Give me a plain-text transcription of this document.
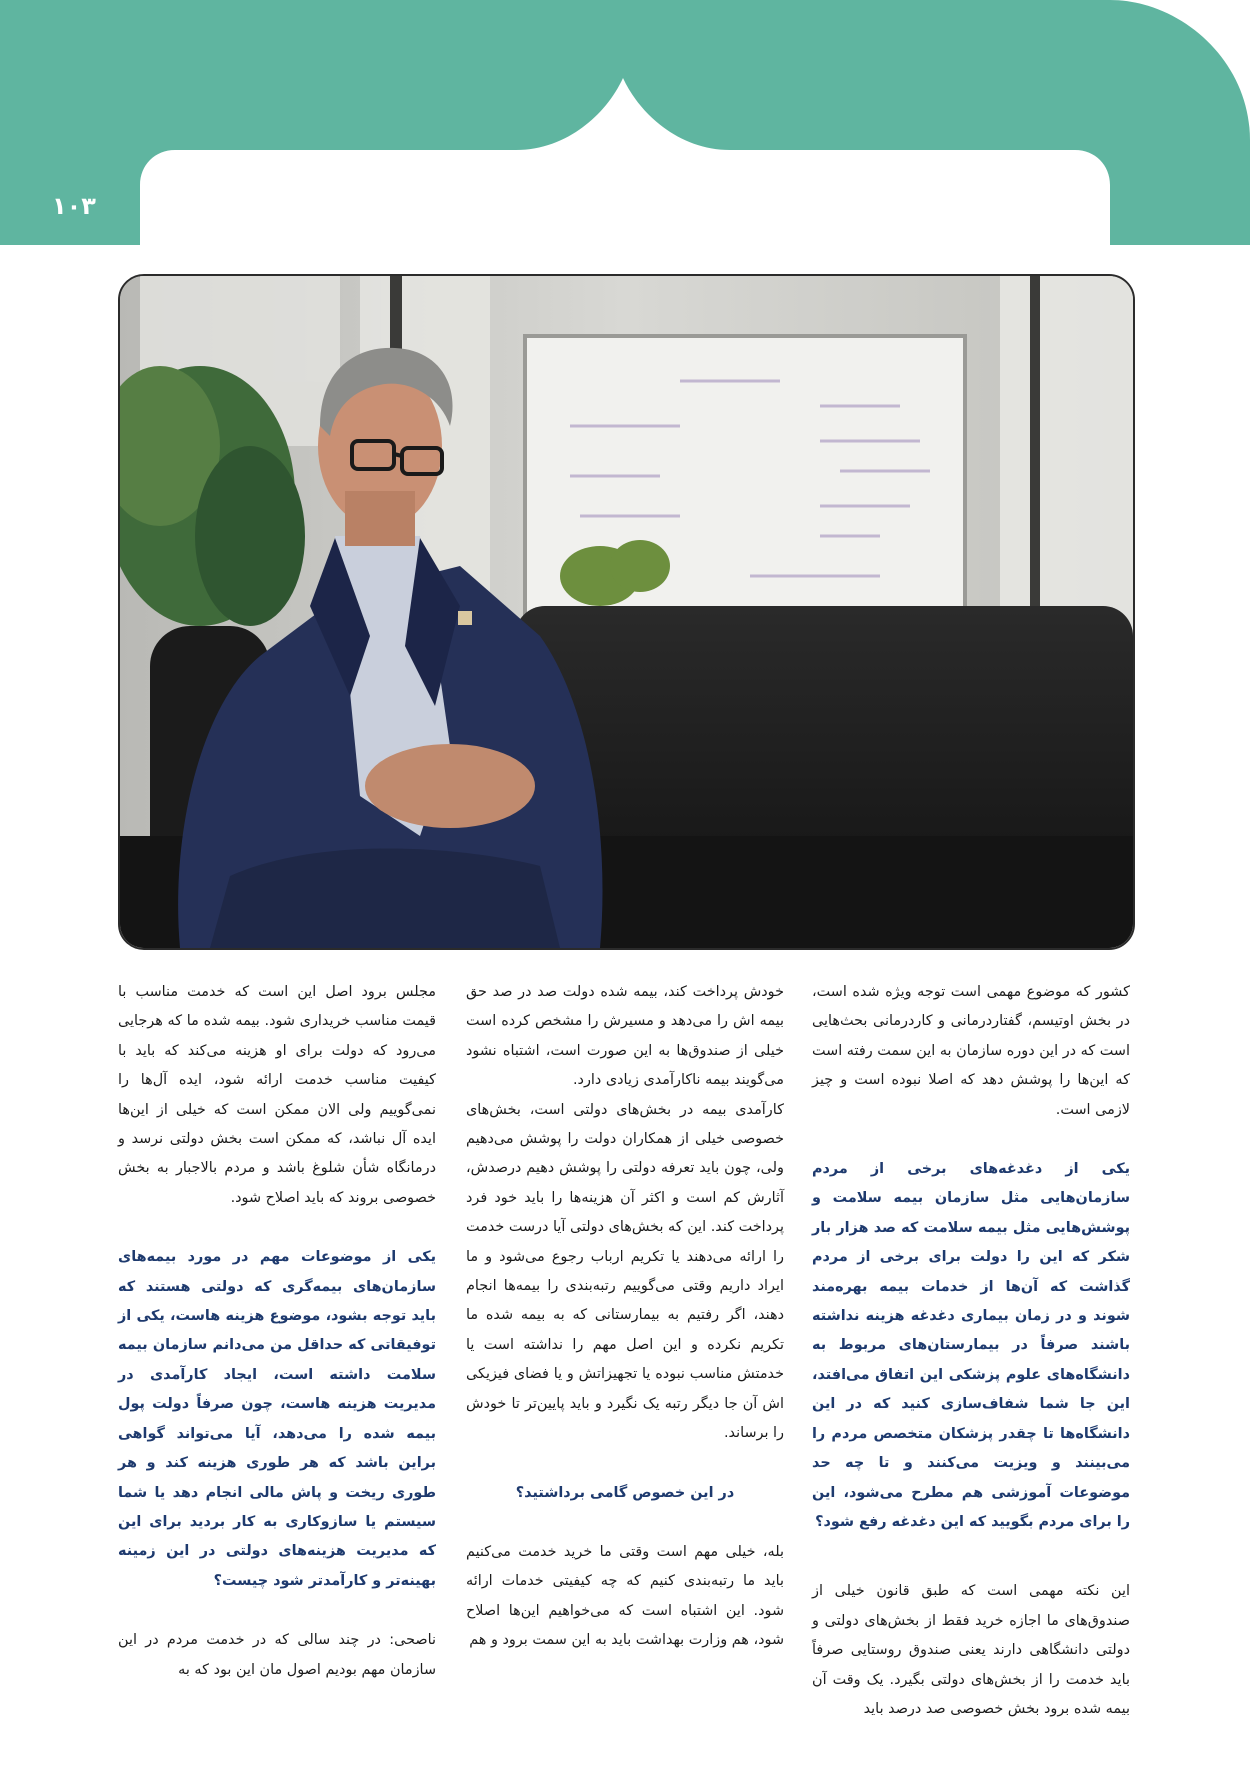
۱۰۳

کشور که موضوع مهمی است توجه ویژه شده است، در بخش اوتیسم، گفتاردرمانی و کاردرمانی بحث‌هایی است که در این دوره سازمان به این سمت رفته است که این‌ها را پوشش دهد که اصلا نبوده است و چیز لازمی است.

یکی از دغدغه‌های برخی از مردم سازمان‌هایی مثل سازمان بیمه سلامت و پوشش‌هایی مثل بیمه سلامت که صد هزار بار شکر که این را دولت برای برخی از مردم گذاشت که آن‌ها از خدمات بیمه بهره‌مند شوند و در زمان بیماری دغدغه هزینه نداشته باشند صرفاً در بیمارستان‌های مربوط به دانشگاه‌های علوم پزشکی این اتفاق می‌افتد، این جا شما شفاف‌سازی کنید که در این دانشگاه‌ها تا چقدر پزشکان متخصص مردم را می‌بینند و ویزیت می‌کنند و تا چه حد موضوعات آموزشی هم مطرح می‌شود، این را برای مردم بگویید که این دغدغه رفع شود؟

این نکته مهمی است که طبق قانون خیلی از صندوق‌های ما اجازه خرید فقط از بخش‌های دولتی و دولتی دانشگاهی دارند یعنی صندوق روستایی صرفاً باید خدمت را از بخش‌های دولتی بگیرد. یک وقت آن بیمه شده برود بخش خصوصی صد درصد باید

خودش پرداخت کند، بیمه شده دولت صد در صد حق بیمه اش را می‌دهد و مسیرش را مشخص کرده است خیلی از صندوق‌ها به این صورت است، اشتباه نشود می‌گویند بیمه ناکارآمدی زیادی دارد.

کارآمدی بیمه در بخش‌های دولتی است، بخش‌های خصوصی خیلی از همکاران دولت را پوشش می‌دهیم ولی، چون باید تعرفه دولتی را پوشش دهیم درصدش، آثارش کم است و اکثر آن هزینه‌ها را باید خود فرد پرداخت کند. این که بخش‌های دولتی آیا درست خدمت را ارائه می‌دهند یا تکریم ارباب رجوع می‌شود و ما ایراد داریم وقتی می‌گوییم رتبه‌بندی را بیمه‌ها انجام دهند، اگر رفتیم به بیمارستانی که به بیمه شده ما تکریم نکرده و این اصل مهم را نداشته است یا خدمتش مناسب نبوده یا تجهیزاتش و یا فضای فیزیکی اش آن جا دیگر رتبه یک نگیرد و باید پایین‌تر تا خودش را برساند.

در این خصوص گامی برداشتید؟

بله، خیلی مهم است وقتی ما خرید خدمت می‌کنیم باید ما رتبه‌بندی کنیم که چه کیفیتی خدمات ارائه شود. این اشتباه است که می‌خواهیم این‌ها اصلاح شود، هم وزارت بهداشت باید به این سمت برود و هم

مجلس برود اصل این است که خدمت مناسب با قیمت مناسب خریداری شود. بیمه شده ما که هرجایی می‌رود که دولت برای او هزینه می‌کند که باید با کیفیت مناسب خدمت ارائه شود، ایده آل‌ها را نمی‌گوییم ولی الان ممکن است که خیلی از این‌ها ایده آل نباشد، که ممکن است بخش دولتی نرسد و درمانگاه شأن شلوغ باشد و مردم بالاجبار به بخش خصوصی بروند که باید اصلاح شود.

یکی از موضوعات مهم در مورد بیمه‌های سازمان‌های بیمه‌گری که دولتی هستند که باید توجه بشود، موضوع هزینه هاست، یکی از توفیقاتی که حداقل من می‌دانم سازمان بیمه سلامت داشته است، ایجاد کارآمدی در مدیریت هزینه هاست، چون صرفاً دولت پول بیمه شده را می‌دهد، آیا می‌تواند گواهی براین باشد که هر طوری هزینه کند و هر طوری ریخت و پاش مالی انجام دهد یا شما سیستم یا سازوکاری به کار بردید برای این که مدیریت هزینه‌های دولتی در این زمینه بهینه‌تر و کارآمدتر شود چیست؟

ناصحی: در چند سالی که در خدمت مردم در این سازمان مهم بودیم اصول مان این بود که به
